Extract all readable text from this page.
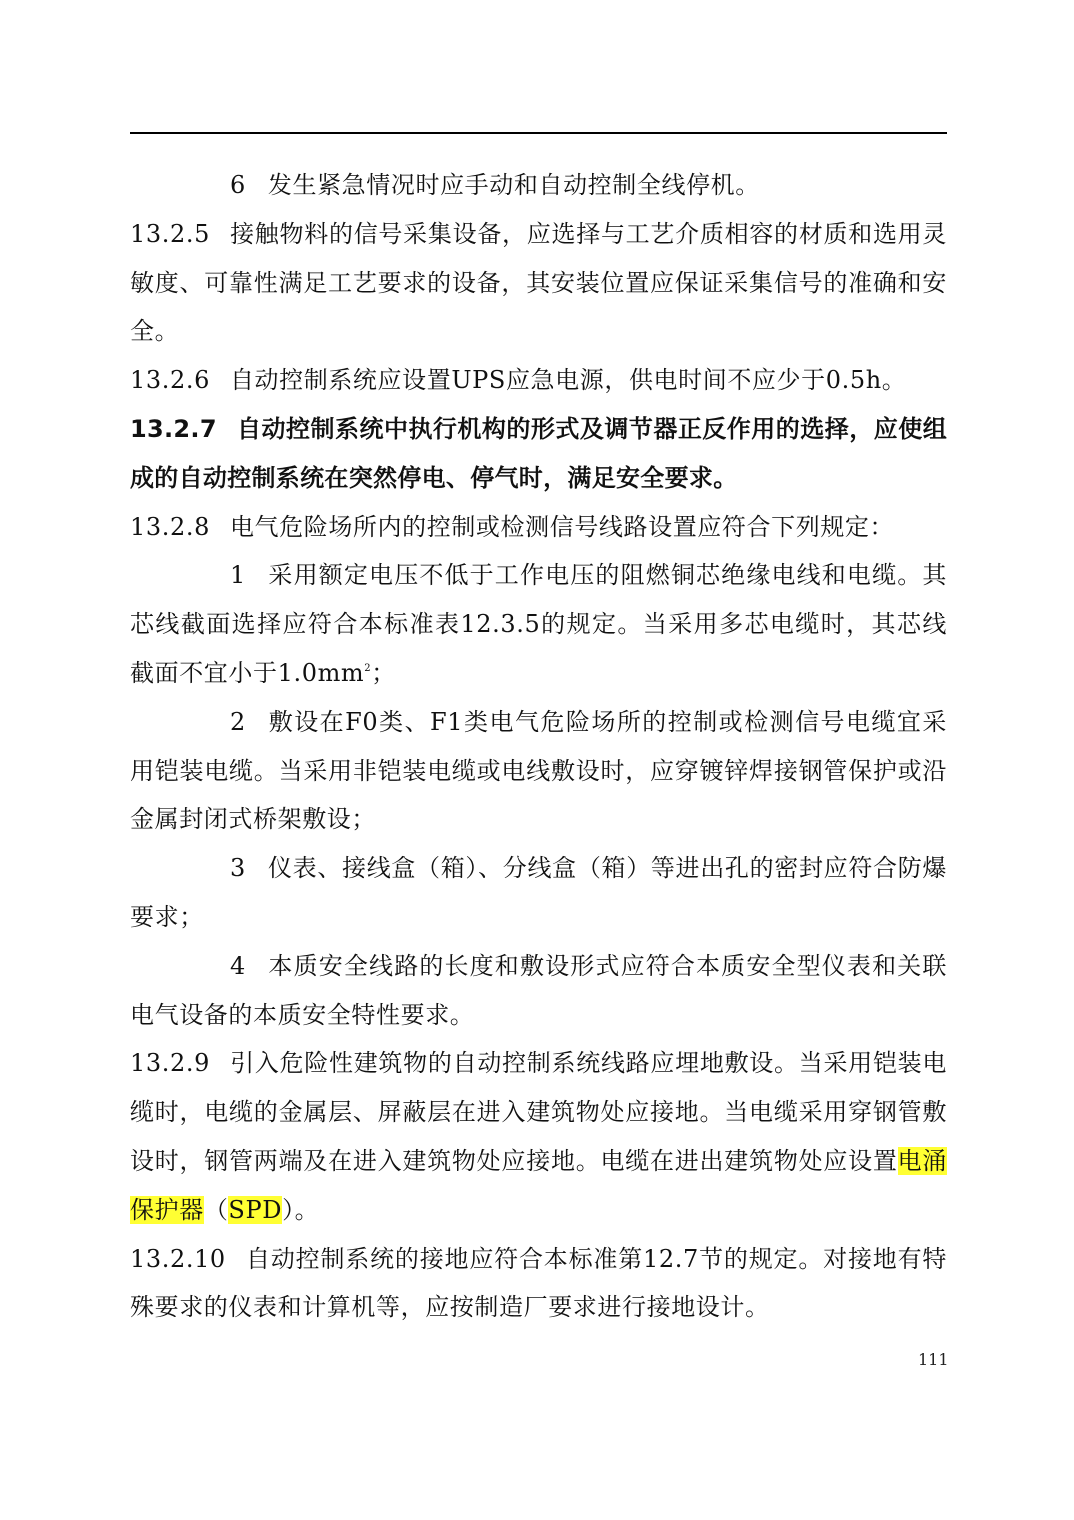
6 发生紧急情况时应手动和自动控制全线停机。

13.2.5 接触物料的信号采集设备，应选择与工艺介质相容的材质和选用灵敏度、可靠性满足工艺要求的设备，其安装位置应保证采集信号的准确和安全。

13.2.6 自动控制系统应设置UPS应急电源，供电时间不应少于0.5h。

13.2.7 自动控制系统中执行机构的形式及调节器正反作用的选择，应使组成的自动控制系统在突然停电、停气时，满足安全要求。

13.2.8 电气危险场所内的控制或检测信号线路设置应符合下列规定：

1 采用额定电压不低于工作电压的阻燃铜芯绝缘电线和电缆。其芯线截面选择应符合本标准表12.3.5的规定。当采用多芯电缆时，其芯线截面不宜小于$1.0mm^2$；

2 敷设在F0类、F1类电气危险场所的控制或检测信号电缆宜采用铠装电缆。当采用非铠装电缆或电线敷设时，应穿镀锌焊接钢管保护或沿金属封闭式桥架敷设；

3 仪表、接线盒（箱）、分线盒（箱）等进出孔的密封应符合防爆要求；

4 本质安全线路的长度和敷设形式应符合本质安全型仪表和关联电气设备的本质安全特性要求。

13.2.9 引入危险性建筑物的自动控制系统线路应埋地敷设。当采用铠装电缆时，电缆的金属层、屏蔽层在进入建筑物处应接地。当电缆采用穿钢管敷设时，钢管两端及在进入建筑物处应接地。电缆在进出建筑物处应设置电涌保护器（SPD）。

13.2.10 自动控制系统的接地应符合本标准第12.7节的规定。对接地有特殊要求的仪表和计算机等，应按制造厂要求进行接地设计。

111
